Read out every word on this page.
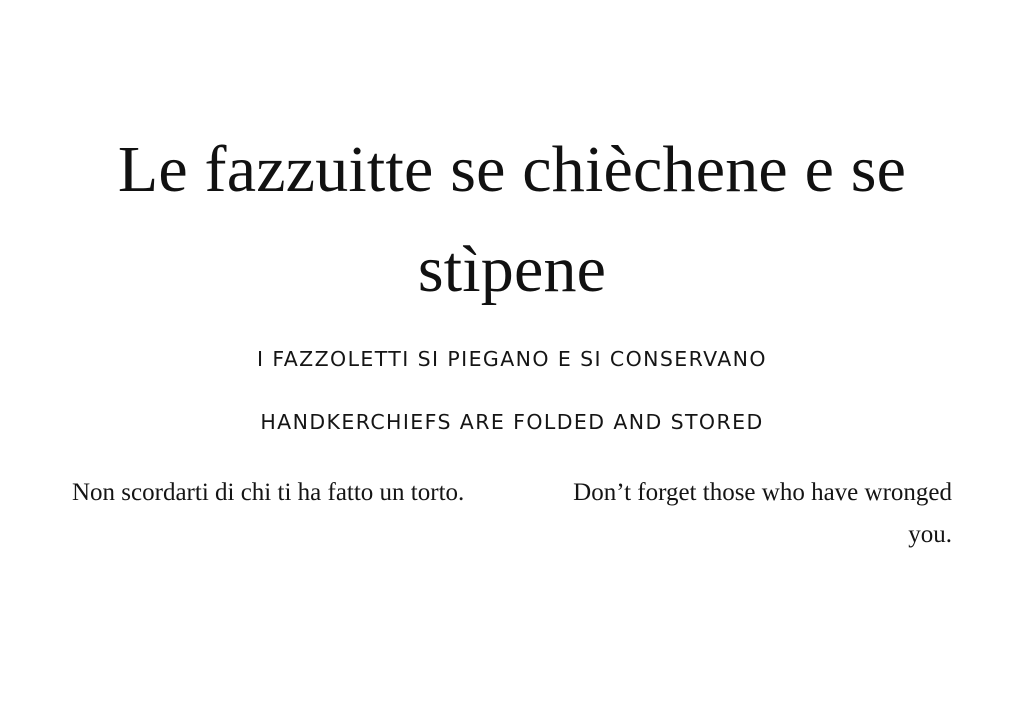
Le fazzuitte se chièchene e se stìpene
I FAZZOLETTI SI PIEGANO E SI CONSERVANO
HANDKERCHIEFS ARE FOLDED AND STORED
Non scordarti di chi ti ha fatto un torto.	Don’t forget those who have wronged you.
